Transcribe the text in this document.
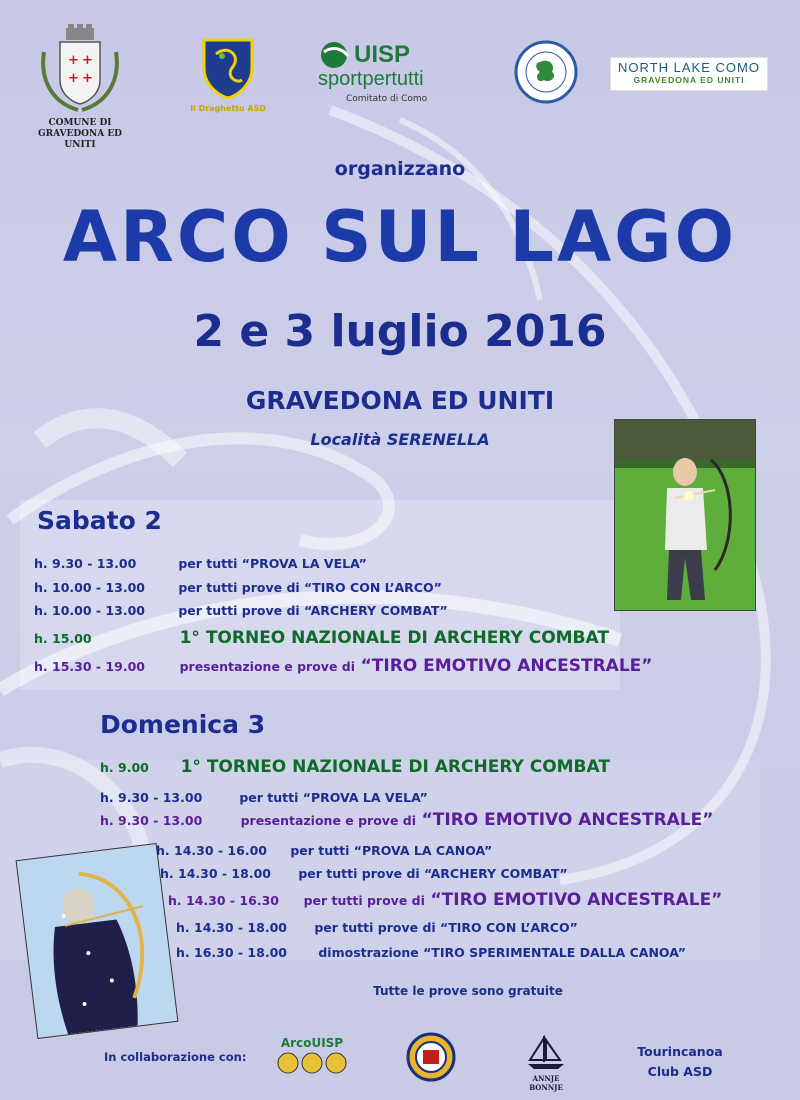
+ +
+ +
COMUNE DI
GRAVEDONA ED UNITI
Il Draghetto ASD
UISP
sportpertutti
Comitato di Como
NORTH LAKE COMO
GRAVEDONA ED UNITI
organizzano
ARCO SUL LAGO
2 e 3 luglio 2016
GRAVEDONA ED UNITI
Località SERENELLA
Sabato 2
h. 9.30 - 13.00	per tutti “PROVA LA VELA”
h. 10.00 - 13.00	per tutti prove di “TIRO CON L’ARCO”
h. 10.00 - 13.00	per tutti prove di “ARCHERY COMBAT”
h. 15.00	1° TORNEO NAZIONALE DI ARCHERY COMBAT
h. 15.30 - 19.00	presentazione e prove di “TIRO EMOTIVO ANCESTRALE”
Domenica 3
h. 9.00 1° TORNEO NAZIONALE DI ARCHERY COMBAT
h. 9.30 - 13.00	per tutti “PROVA LA VELA”
h. 9.30 - 13.00	presentazione e prove di “TIRO EMOTIVO ANCESTRALE”
h. 14.30 - 16.00 per tutti “PROVA LA CANOA”
h. 14.30 - 18.00 per tutti prove di “ARCHERY COMBAT”
h. 14.30 - 16.30 per tutti prove di “TIRO EMOTIVO ANCESTRALE”
h. 14.30 - 18.00 per tutti prove di “TIRO CON L’ARCO”
h. 16.30 - 18.00	dimostrazione “TIRO SPERIMENTALE DALLA CANOA”
Tutte le prove sono gratuite
In collaborazione con:
ArcoUISP
ANNJE BONNJE
Tourincanoa
Club ASD
